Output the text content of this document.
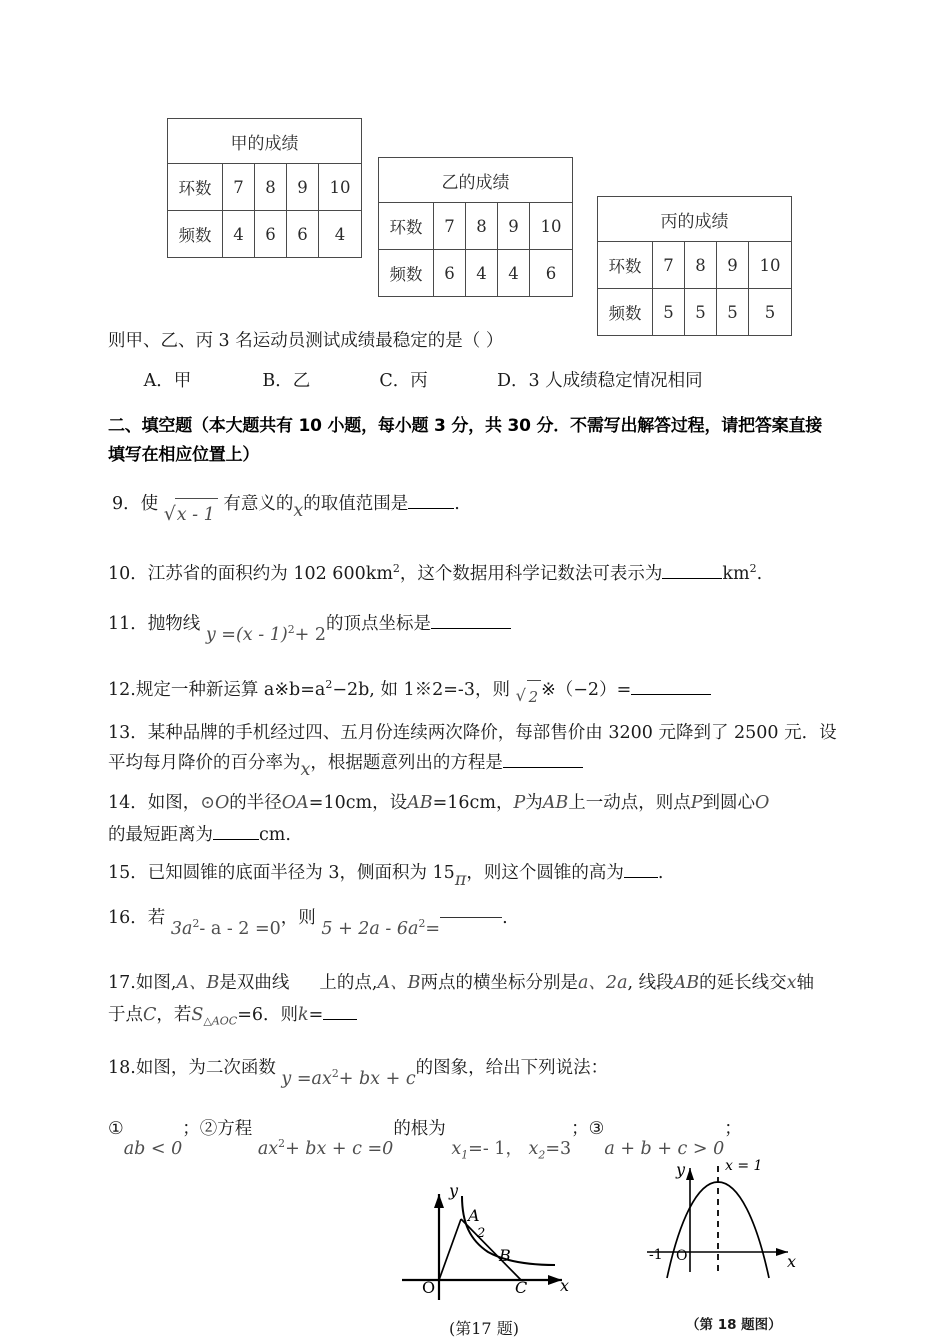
甲的成绩				
环数	7	8	9	10
频数	4	6	6	4
乙的成绩				
环数	7	8	9	10
频数	6	4	4	6
丙的成绩				
环数	7	8	9	10
频数	5	5	5	5
则甲、乙、丙 3 名运动员测试成绩最稳定的是（ ）
A．甲	B．乙	C．丙	D．3 人成绩稳定情况相同
二、填空题（本大题共有 10 小题，每小题 3 分，共 30 分．不需写出解答过程，请把答案直接
填写在相应位置上）
9．使 √ x - 1 有意义的x的取值范围是	.
10．江苏省的面积约为 102 $600km^2$，这个数据用科学记数法可表示为	$km^2$.
11．抛物线 y =(x - 1)$^2$+ 2的顶点坐标是
12.规定一种新运算 $a※b=a^2-2b$, 如 1※2=-3，则 √ 2 ※（−2）=
13．某种品牌的手机经过四、五月份连续两次降价，每部售价由 3200 元降到了 2500 元．设
平均每月降价的百分率为x，根据题意列出的方程是
14．如图，⊙O的半径OA=10cm，设AB=16cm，P为AB上一动点，则点P到圆心O
的最短距离为	cm.
15．已知圆锥的底面半径为 3，侧面积为 15π，则这个圆锥的高为 .
16．若 $3a^2-$ a - 2 =0，则 $5 + 2a - 6a^2=$.
17.如图,A、B是双曲线 上的点,A、B两点的横坐标分别是a、2a, 线段AB的延长线交x轴
于点C，若$S_{\triangle AOC}=6$．则k=
18.如图，为二次函数 $y =ax^2+$ bx + c的图象，给出下列说法：
①ab < 0；②方程 $ax^2+$ bx + c =0的根为 $x_1=-$ 1， $x_2=3$；③a + b + c > 0；
y
x
O
A
2
B
C
(第17 题)
y
x
O
-1
x = 1
（第 18 题图）
